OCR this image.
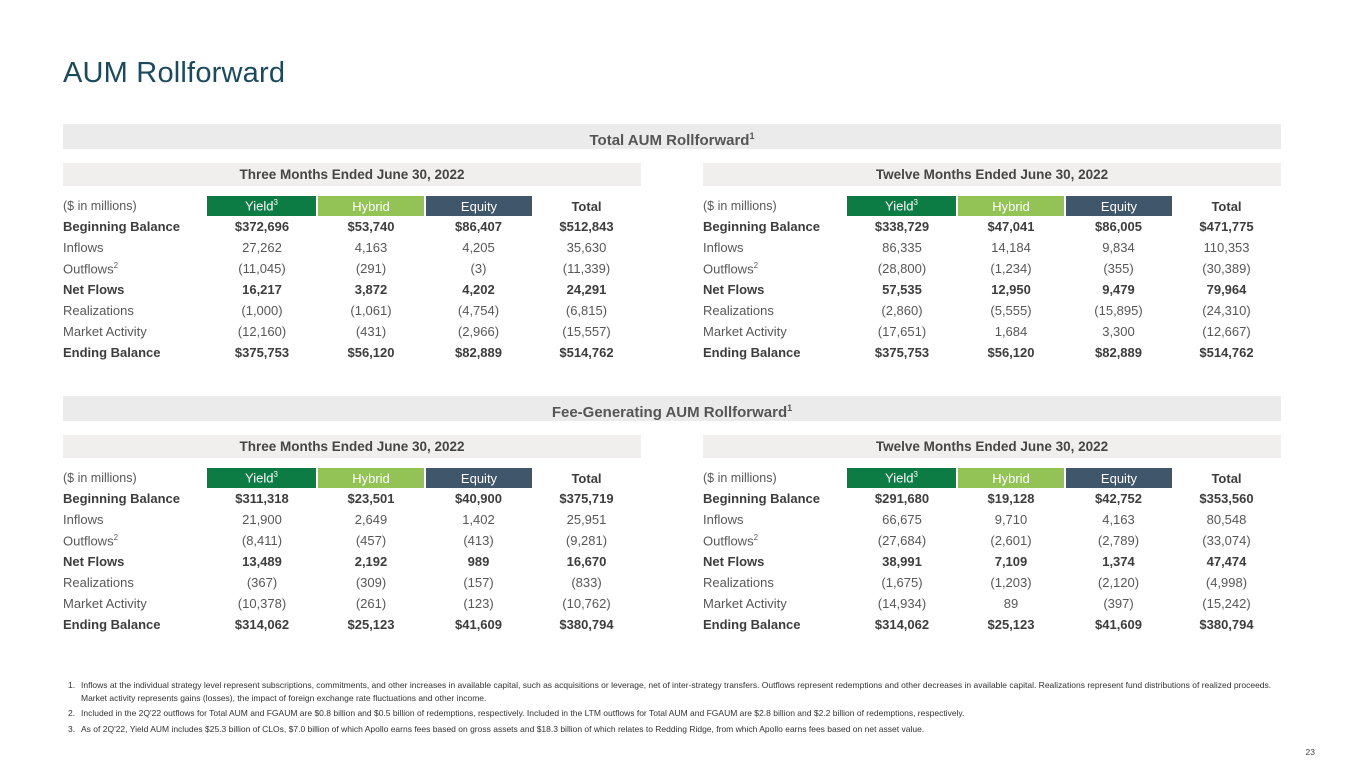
AUM Rollforward
Total AUM Rollforward$^1$
Three Months Ended June 30, 2022
($ in millions)	Yield$^3$	Hybrid	Equity	Total
Beginning Balance	$372,696	$53,740	$86,407	$512,843
Inflows	27,262	4,163	4,205	35,630
Outflows$^2$	(11,045)	(291)	(3)	(11,339)
Net Flows	16,217	3,872	4,202	24,291
Realizations	(1,000)	(1,061)	(4,754)	(6,815)
Market Activity	(12,160)	(431)	(2,966)	(15,557)
Ending Balance	$375,753	$56,120	$82,889	$514,762
Twelve Months Ended June 30, 2022
($ in millions)	Yield$^3$	Hybrid	Equity	Total
Beginning Balance	$338,729	$47,041	$86,005	$471,775
Inflows	86,335	14,184	9,834	110,353
Outflows$^2$	(28,800)	(1,234)	(355)	(30,389)
Net Flows	57,535	12,950	9,479	79,964
Realizations	(2,860)	(5,555)	(15,895)	(24,310)
Market Activity	(17,651)	1,684	3,300	(12,667)
Ending Balance	$375,753	$56,120	$82,889	$514,762
Fee-Generating AUM Rollforward$^1$
Three Months Ended June 30, 2022
($ in millions)	Yield$^3$	Hybrid	Equity	Total
Beginning Balance	$311,318	$23,501	$40,900	$375,719
Inflows	21,900	2,649	1,402	25,951
Outflows$^2$	(8,411)	(457)	(413)	(9,281)
Net Flows	13,489	2,192	989	16,670
Realizations	(367)	(309)	(157)	(833)
Market Activity	(10,378)	(261)	(123)	(10,762)
Ending Balance	$314,062	$25,123	$41,609	$380,794
Twelve Months Ended June 30, 2022
($ in millions)	Yield$^3$	Hybrid	Equity	Total
Beginning Balance	$291,680	$19,128	$42,752	$353,560
Inflows	66,675	9,710	4,163	80,548
Outflows$^2$	(27,684)	(2,601)	(2,789)	(33,074)
Net Flows	38,991	7,109	1,374	47,474
Realizations	(1,675)	(1,203)	(2,120)	(4,998)
Market Activity	(14,934)	89	(397)	(15,242)
Ending Balance	$314,062	$25,123	$41,609	$380,794
1. Inflows at the individual strategy level represent subscriptions, commitments, and other increases in available capital, such as acquisitions or leverage, net of inter-strategy transfers. Outflows represent redemptions and other decreases in available capital. Realizations represent fund distributions of realized proceeds. Market activity represents gains (losses), the impact of foreign exchange rate fluctuations and other income.
2. Included in the 2Q'22 outflows for Total AUM and FGAUM are $0.8 billion and $0.5 billion of redemptions, respectively. Included in the LTM outflows for Total AUM and FGAUM are $2.8 billion and $2.2 billion of redemptions, respectively.
3. As of 2Q'22, Yield AUM includes $25.3 billion of CLOs, $7.0 billion of which Apollo earns fees based on gross assets and $18.3 billion of which relates to Redding Ridge, from which Apollo earns fees based on net asset value.
23
